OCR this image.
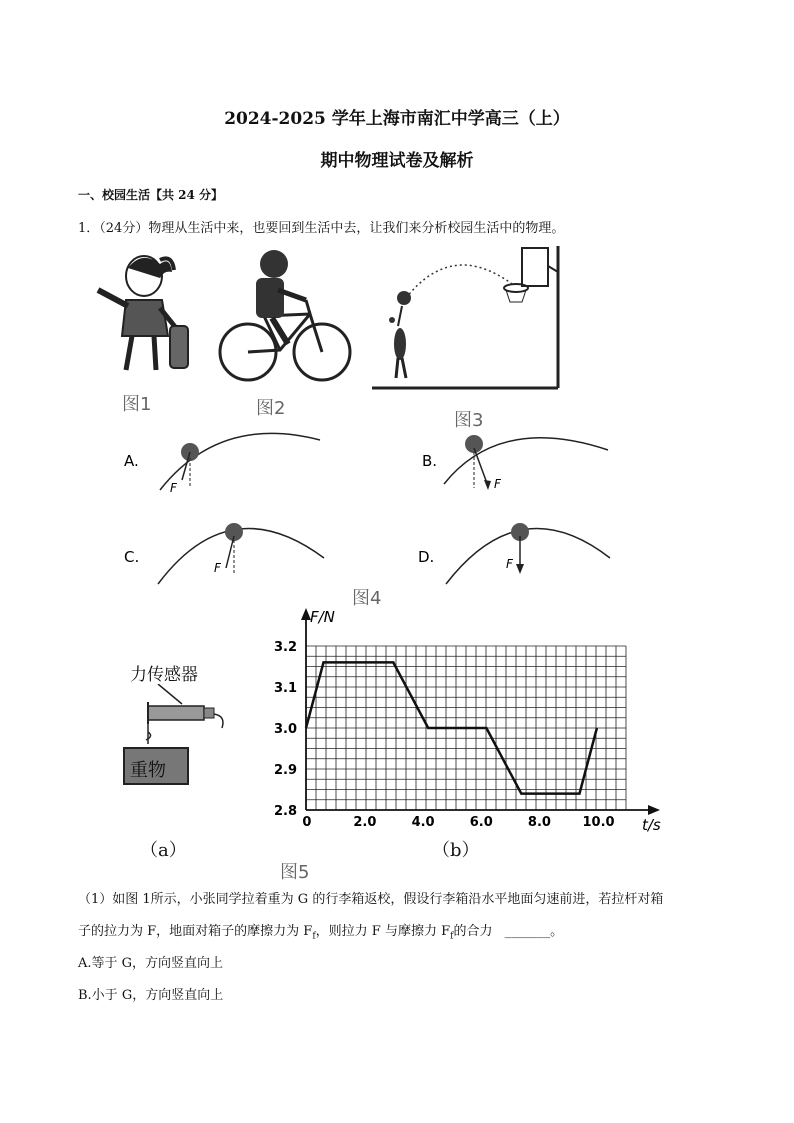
2024-2025 学年上海市南汇中学高三（上）
期中物理试卷及解析
一、校园生活【共 24 分】
1．（24分）物理从生活中来，也要回到生活中去，让我们来分析校园生活中的物理。
图1	图2
图3
A.
F
B.
F
C.
F
D.	F
图4
力传感器
重物
（a）
3.2
3.1
3.0
2.9
2.8
0	2.0	4.0	6.0	8.0 10.0
F/N
t/s
（b）
图5
（1）如图 1所示，小张同学拉着重为 G 的行李箱返校，假设行李箱沿水平地面匀速前进，若拉杆对箱
子的拉力为 F，地面对箱子的摩擦力为 $F_f$，则拉力 F 与摩擦力 $F_f$的合力 _______。
A.等于 G，方向竖直向上
B.小于 G，方向竖直向上
